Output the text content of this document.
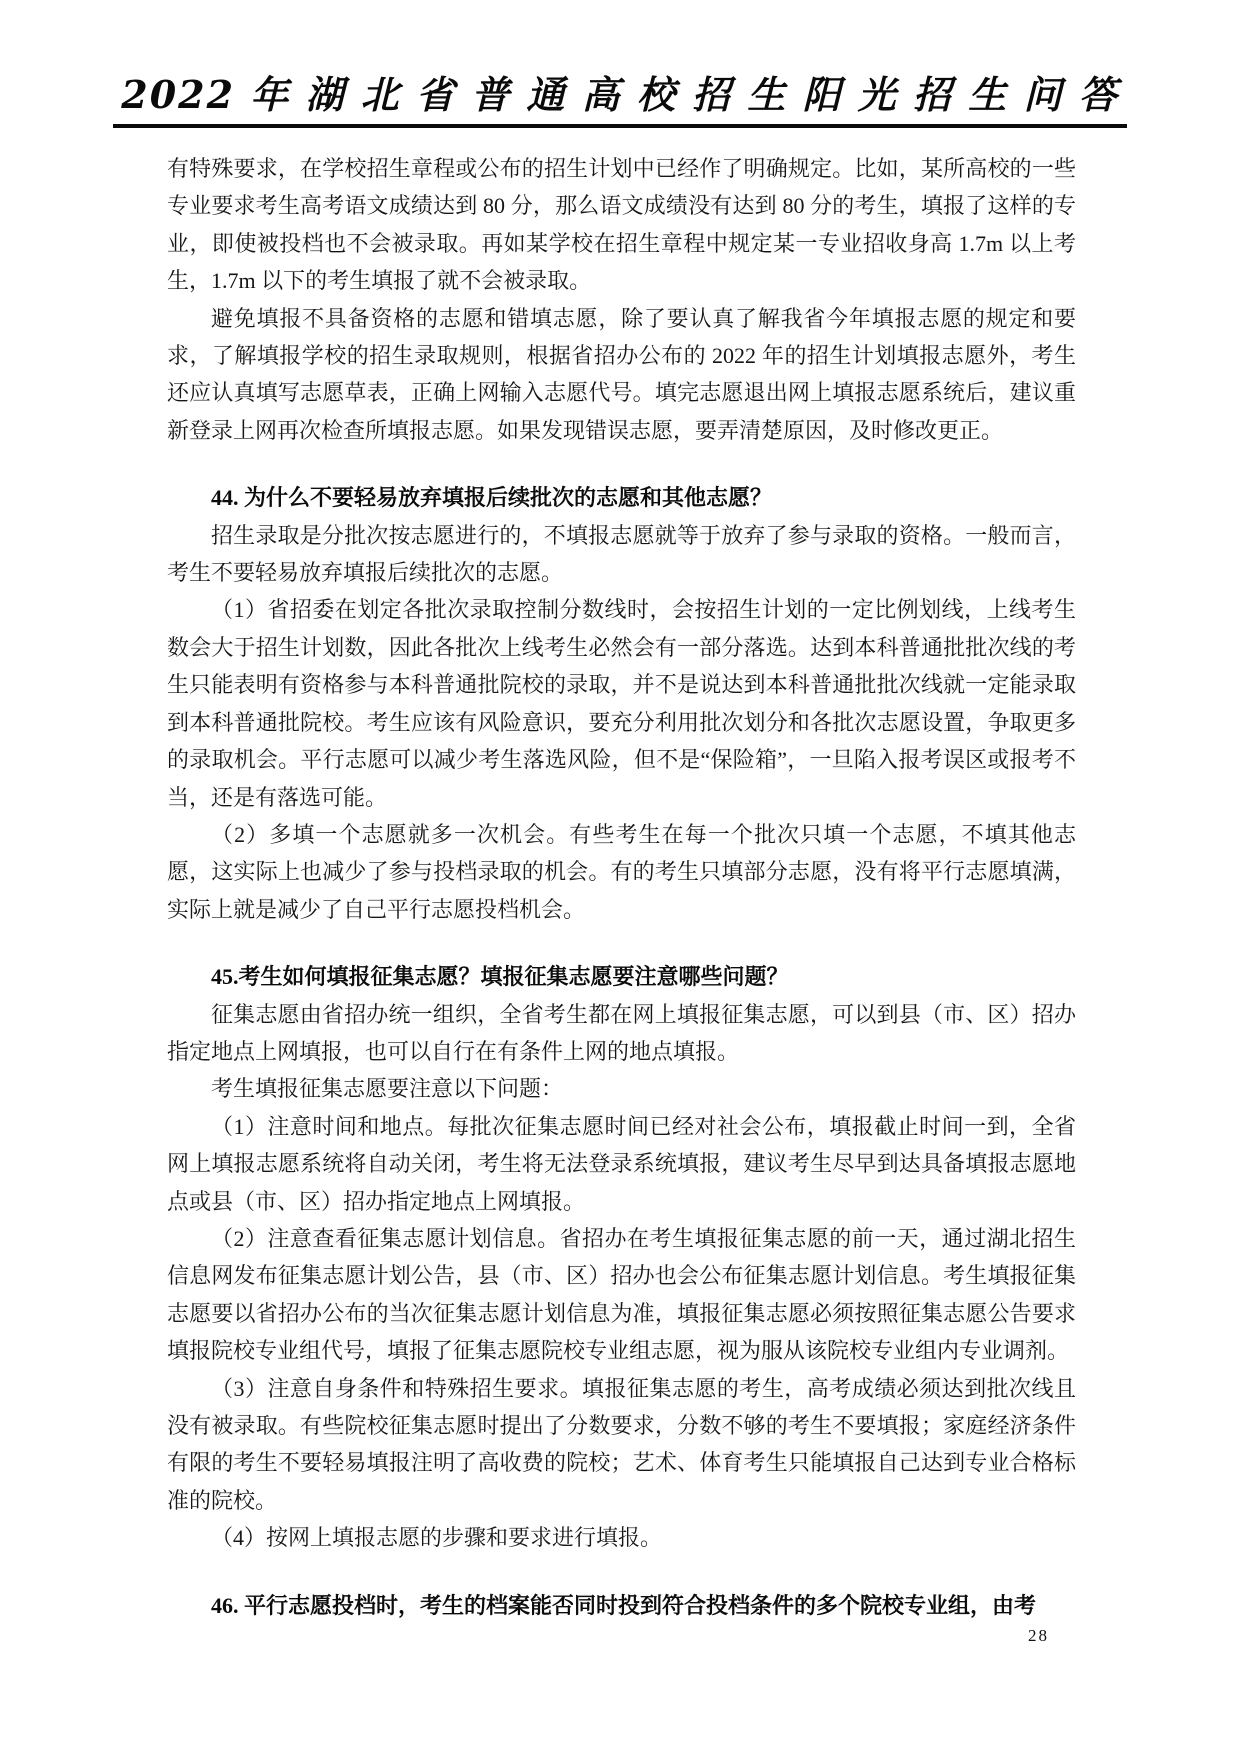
2022 年 湖 北 省 普 通 高 校 招 生 阳 光 招 生 问 答

有特殊要求，在学校招生章程或公布的招生计划中已经作了明确规定。比如，某所高校的一些专业要求考生高考语文成绩达到 80 分，那么语文成绩没有达到 80 分的考生，填报了这样的专业，即使被投档也不会被录取。再如某学校在招生章程中规定某一专业招收身高 1.7m 以上考生，1.7m 以下的考生填报了就不会被录取。

避免填报不具备资格的志愿和错填志愿，除了要认真了解我省今年填报志愿的规定和要求，了解填报学校的招生录取规则，根据省招办公布的 2022 年的招生计划填报志愿外，考生还应认真填写志愿草表，正确上网输入志愿代号。填完志愿退出网上填报志愿系统后，建议重新登录上网再次检查所填报志愿。如果发现错误志愿，要弄清楚原因，及时修改更正。

44. 为什么不要轻易放弃填报后续批次的志愿和其他志愿？

招生录取是分批次按志愿进行的，不填报志愿就等于放弃了参与录取的资格。一般而言，考生不要轻易放弃填报后续批次的志愿。

（1）省招委在划定各批次录取控制分数线时，会按招生计划的一定比例划线，上线考生数会大于招生计划数，因此各批次上线考生必然会有一部分落选。达到本科普通批批次线的考生只能表明有资格参与本科普通批院校的录取，并不是说达到本科普通批批次线就一定能录取到本科普通批院校。考生应该有风险意识，要充分利用批次划分和各批次志愿设置，争取更多的录取机会。平行志愿可以减少考生落选风险，但不是“保险箱”，一旦陷入报考误区或报考不当，还是有落选可能。

（2）多填一个志愿就多一次机会。有些考生在每一个批次只填一个志愿，不填其他志愿，这实际上也减少了参与投档录取的机会。有的考生只填部分志愿，没有将平行志愿填满，实际上就是减少了自己平行志愿投档机会。

45.考生如何填报征集志愿？填报征集志愿要注意哪些问题？

征集志愿由省招办统一组织，全省考生都在网上填报征集志愿，可以到县（市、区）招办指定地点上网填报，也可以自行在有条件上网的地点填报。

考生填报征集志愿要注意以下问题：

（1）注意时间和地点。每批次征集志愿时间已经对社会公布，填报截止时间一到，全省网上填报志愿系统将自动关闭，考生将无法登录系统填报，建议考生尽早到达具备填报志愿地点或县（市、区）招办指定地点上网填报。

（2）注意查看征集志愿计划信息。省招办在考生填报征集志愿的前一天，通过湖北招生信息网发布征集志愿计划公告，县（市、区）招办也会公布征集志愿计划信息。考生填报征集志愿要以省招办公布的当次征集志愿计划信息为准，填报征集志愿必须按照征集志愿公告要求填报院校专业组代号，填报了征集志愿院校专业组志愿，视为服从该院校专业组内专业调剂。

（3）注意自身条件和特殊招生要求。填报征集志愿的考生，高考成绩必须达到批次线且没有被录取。有些院校征集志愿时提出了分数要求，分数不够的考生不要填报；家庭经济条件有限的考生不要轻易填报注明了高收费的院校；艺术、体育考生只能填报自己达到专业合格标准的院校。

（4）按网上填报志愿的步骤和要求进行填报。

46. 平行志愿投档时，考生的档案能否同时投到符合投档条件的多个院校专业组，由考

28
